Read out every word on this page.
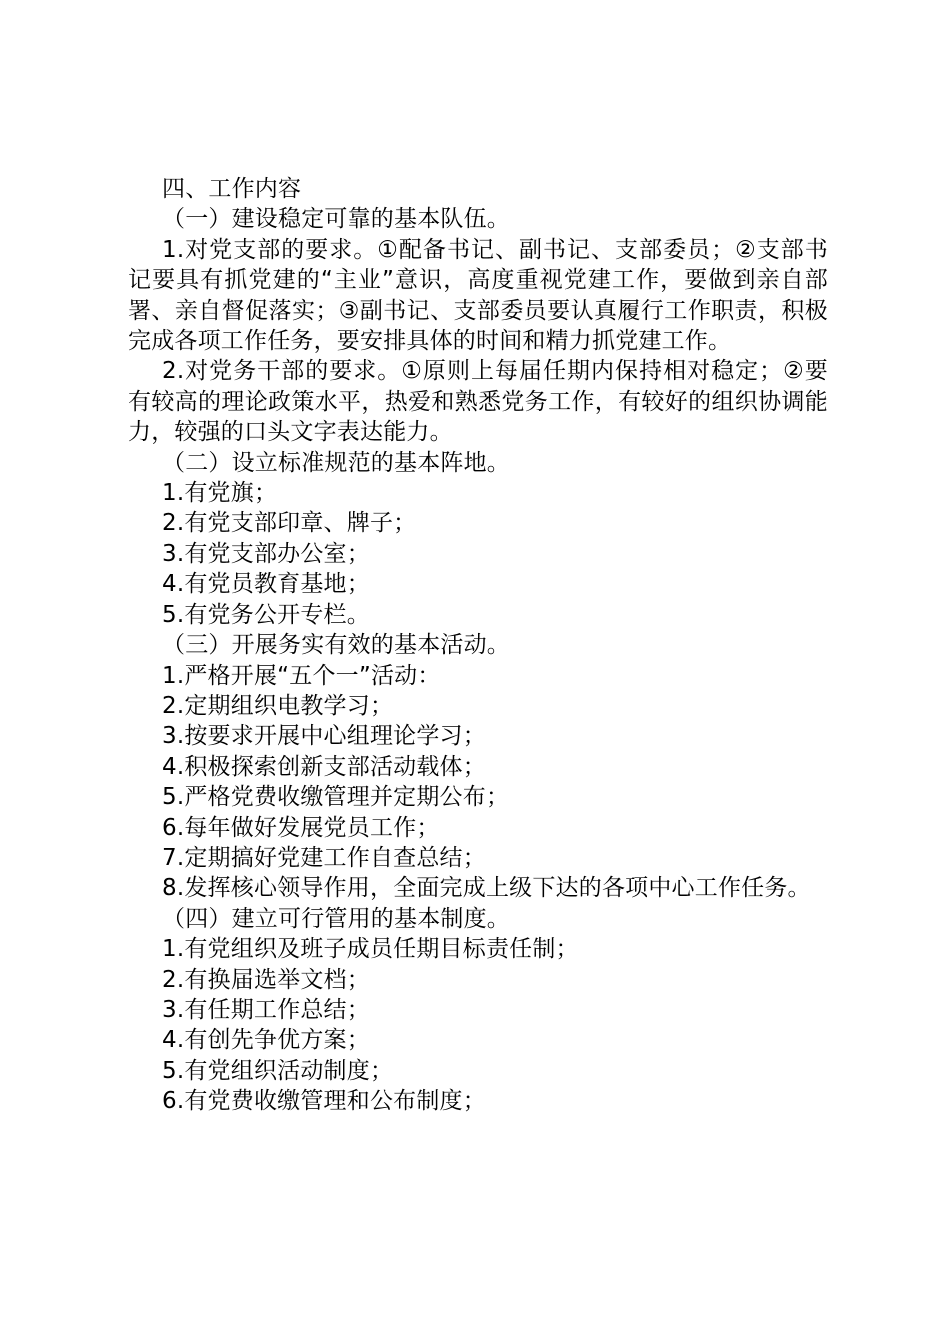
四、工作内容

（一）建设稳定可靠的基本队伍。

1.对党支部的要求。①配备书记、副书记、支部委员；②支部书记要具有抓党建的“主业”意识，高度重视党建工作，要做到亲自部署、亲自督促落实；③副书记、支部委员要认真履行工作职责，积极完成各项工作任务，要安排具体的时间和精力抓党建工作。

2.对党务干部的要求。①原则上每届任期内保持相对稳定；②要有较高的理论政策水平，热爱和熟悉党务工作，有较好的组织协调能力，较强的口头文字表达能力。

（二）设立标准规范的基本阵地。

1.有党旗；

2.有党支部印章、牌子；

3.有党支部办公室；

4.有党员教育基地；

5.有党务公开专栏。

（三）开展务实有效的基本活动。

1.严格开展“五个一”活动：

2.定期组织电教学习；

3.按要求开展中心组理论学习；

4.积极探索创新支部活动载体；

5.严格党费收缴管理并定期公布；

6.每年做好发展党员工作；

7.定期搞好党建工作自查总结；

8.发挥核心领导作用，全面完成上级下达的各项中心工作任务。

（四）建立可行管用的基本制度。

1.有党组织及班子成员任期目标责任制；

2.有换届选举文档；

3.有任期工作总结；

4.有创先争优方案；

5.有党组织活动制度；

6.有党费收缴管理和公布制度；
